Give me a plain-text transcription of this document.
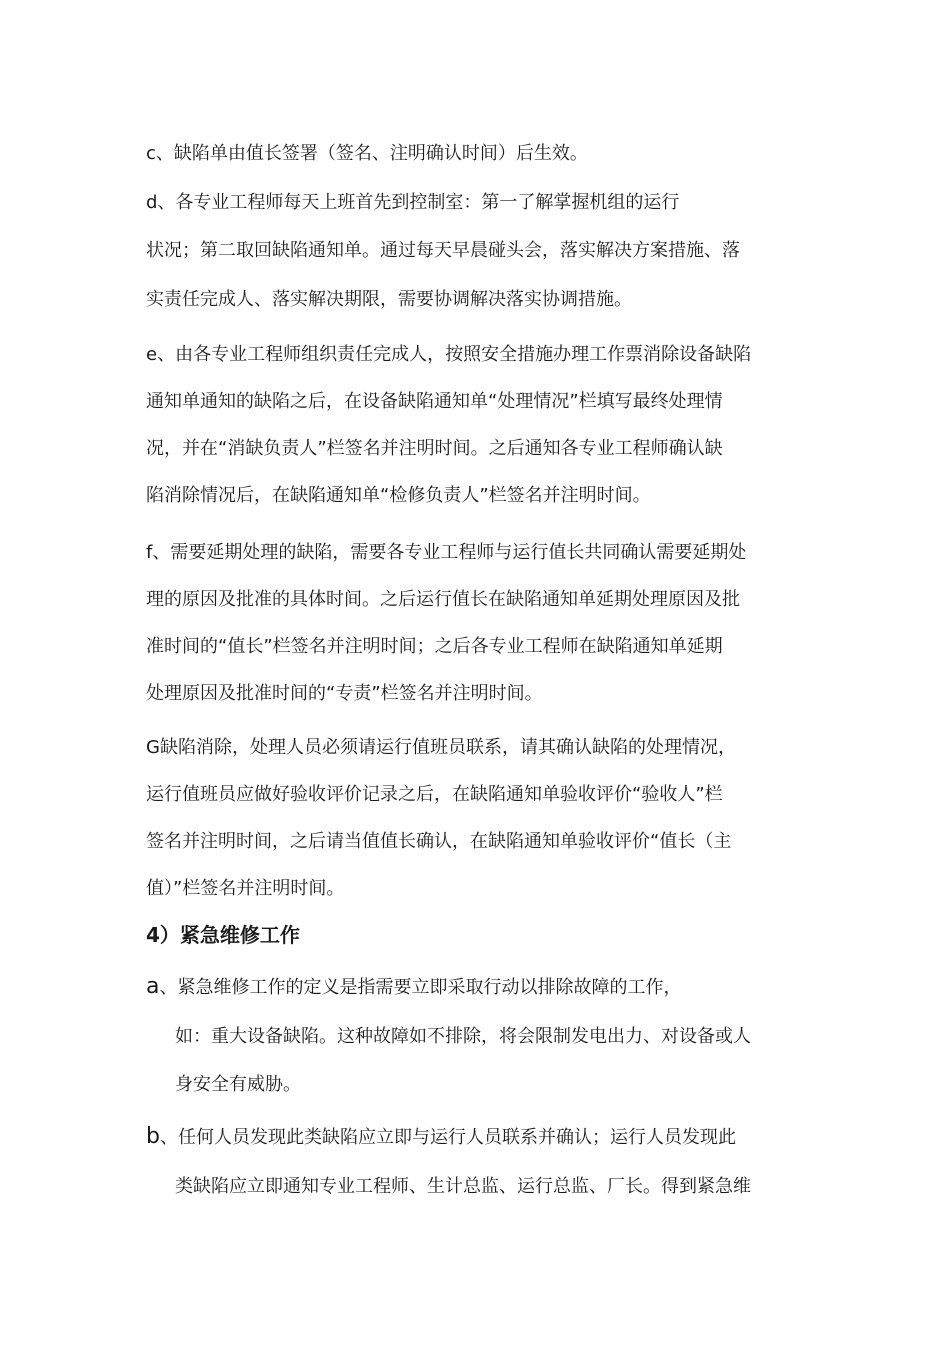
c、缺陷单由值长签署（签名、注明确认时间）后生效。
d、各专业工程师每天上班首先到控制室：第一了解掌握机组的运行
状况；第二取回缺陷通知单。通过每天早晨碰头会，落实解决方案措施、落
实责任完成人、落实解决期限，需要协调解决落实协调措施。
e、由各专业工程师组织责任完成人，按照安全措施办理工作票消除设备缺陷
通知单通知的缺陷之后，在设备缺陷通知单“处理情况”栏填写最终处理情
况，并在“消缺负责人”栏签名并注明时间。之后通知各专业工程师确认缺
陷消除情况后，在缺陷通知单“检修负责人”栏签名并注明时间。
f、需要延期处理的缺陷，需要各专业工程师与运行值长共同确认需要延期处
理的原因及批准的具体时间。之后运行值长在缺陷通知单延期处理原因及批
准时间的“值长”栏签名并注明时间；之后各专业工程师在缺陷通知单延期
处理原因及批准时间的“专责”栏签名并注明时间。
G缺陷消除，处理人员必须请运行值班员联系，请其确认缺陷的处理情况，
运行值班员应做好验收评价记录之后，在缺陷通知单验收评价“验收人”栏
签名并注明时间，之后请当值值长确认，在缺陷通知单验收评价“值长（主
值）”栏签名并注明时间。
4）紧急维修工作
a、紧急维修工作的定义是指需要立即采取行动以排除故障的工作，
如：重大设备缺陷。这种故障如不排除，将会限制发电出力、对设备或人
身安全有威胁。
b、任何人员发现此类缺陷应立即与运行人员联系并确认；运行人员发现此
类缺陷应立即通知专业工程师、生计总监、运行总监、厂长。得到紧急维
